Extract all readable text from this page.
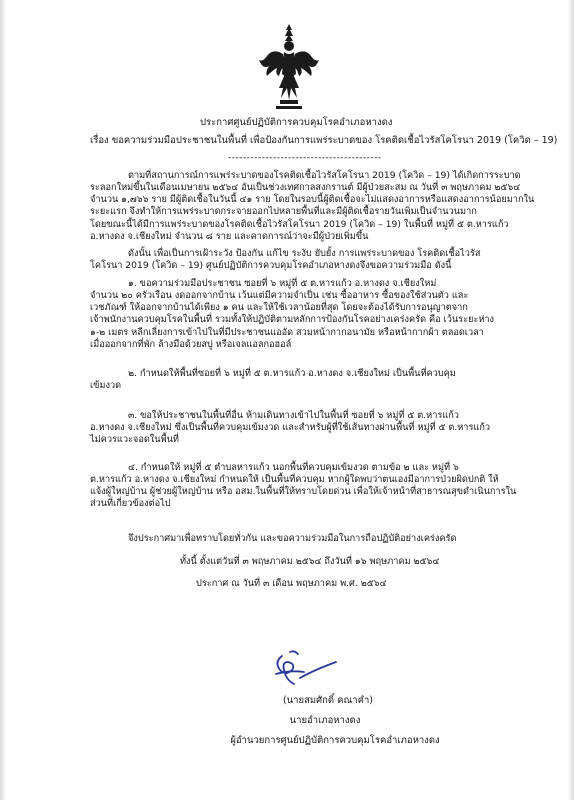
ประกาศศูนย์ปฏิบัติการควบคุมโรคอำเภอหางดง
เรื่อง ขอความร่วมมือประชาชนในพื้นที่ เพื่อป้องกันการแพร่ระบาดของ โรคติดเชื้อไวรัสโคโรนา 2019 (โควิด – 19)
-----------------------------------------

ตามที่สถานการณ์การแพร่ระบาดของโรคติดเชื้อไวรัสโคโรนา 2019 (โควิด – 19) ได้เกิดการระบาด

ระลอกใหม่ขึ้นในเดือนเมษายน ๒๕๖๔ อันเป็นช่วงเทศกาลสงกรานต์ มีผู้ป่วยสะสม ณ วันที่ ๓ พฤษภาคม ๒๕๖๔

จำนวน ๑,๗๖๖ ราย มีผู้ติดเชื้อในวันนี้ ๔๑ ราย โดยในรอบนี้ผู้ติดเชื้อจะไม่แสดงอาการหรือแสดงอาการน้อยมากใน

ระยะแรก จึงทำให้การแพร่ระบาดกระจายออกไปหลายพื้นที่และมีผู้ติดเชื้อรายวันเพิ่มเป็นจำนวนมาก

โดยขณะนี้ได้มีการแพร่ระบาดของโรคติดเชื้อไวรัสโคโรนา 2019 (โควิด – 19) ในพื้นที่ หมู่ที่ ๕ ต.หารแก้ว

อ.หางดง จ.เชียงใหม่ จำนวน ๘ ราย และคาดการณ์ว่าจะมีผู้ป่วยเพิ่มขึ้น

ดังนั้น เพื่อเป็นการเฝ้าระวัง ป้องกัน แก้ไข ระงับ ยับยั้ง การแพร่ระบาดของ โรคติดเชื้อไวรัส

โคโรนา 2019 (โควิด – 19) ศูนย์ปฏิบัติการควบคุมโรคอำเภอหางดงจึงขอความร่วมมือ ดังนี้

๑. ขอความร่วมมือประชาชน ซอยที่ ๖ หมู่ที่ ๕ ต.หารแก้ว อ.หางดง จ.เชียงใหม่

จำนวน ๒๐ ครัวเรือน งดออกจากบ้าน เว้นแต่มีความจำเป็น เช่น ซื้ออาหาร ซื้อของใช้ส่วนตัว และ

เวชภัณฑ์ ให้ออกจากบ้านได้เพียง ๑ คน และให้ใช้เวลาน้อยที่สุด โดยจะต้องได้รับการอนุญาตจาก

เจ้าพนักงานควบคุมโรคในพื้นที่ รวมทั้งให้ปฏิบัติตามหลักการป้องกันโรคอย่างเคร่งครัด คือ เว้นระยะห่าง

๑-๒ เมตร หลีกเลี่ยงการเข้าไปในที่มีประชาชนแออัด สวมหน้ากากอนามัย หรือหน้ากากผ้า ตลอดเวลา

เมื่อออกจากที่พัก ล้างมือด้วยสบู่ หรือเจลแอลกอฮอล์

๒. กำหนดให้พื้นที่ซอยที่ ๖ หมู่ที่ ๕ ต.หารแก้ว อ.หางดง จ.เชียงใหม่ เป็นพื้นที่ควบคุม

เข้มงวด

๓. ขอให้ประชาชนในพื้นที่อื่น ห้ามเดินทางเข้าไปในพื้นที่ ซอยที่ ๖ หมู่ที่ ๕ ต.หารแก้ว

อ.หางดง จ.เชียงใหม่ ซึ่งเป็นพื้นที่ควบคุมเข้มงวด และสำหรับผู้ที่ใช้เส้นทางผ่านพื้นที่ หมู่ที่ ๕ ต.หารแก้ว

ไม่ควรแวะจอดในพื้นที่

๔. กำหนดให้ หมู่ที่ ๕ ตำบลหารแก้ว นอกพื้นที่ควบคุมเข้มงวด ตามข้อ ๒ และ หมู่ที่ ๖

ต.หารแก้ว อ.หางดง จ.เชียงใหม่ กำหนดให้ เป็นพื้นที่ควบคุม หากผู้ใดพบว่าตนเองมีอาการป่วยผิดปกติ ให้

แจ้งผู้ใหญ่บ้าน ผู้ช่วยผู้ใหญ่บ้าน หรือ อสม.ในพื้นที่ให้ทราบโดยด่วน เพื่อให้เจ้าหน้าที่สาธารณสุขดำเนินการใน

ส่วนที่เกี่ยวข้องต่อไป

จึงประกาศมาเพื่อทราบโดยทั่วกัน และขอความร่วมมือในการถือปฏิบัติอย่างเคร่งครัด
ทั้งนี้ ตั้งแต่วันที่ ๓ พฤษภาคม ๒๕๖๔ ถึงวันที่ ๑๖ พฤษภาคม ๒๕๖๔
ประกาศ ณ วันที่ ๓ เดือน พฤษภาคม พ.ศ. ๒๕๖๔
(นายสมศักดิ์ คณาคำ)
นายอำเภอหางดง
ผู้อำนวยการศูนย์ปฏิบัติการควบคุมโรคอำเภอหางดง
